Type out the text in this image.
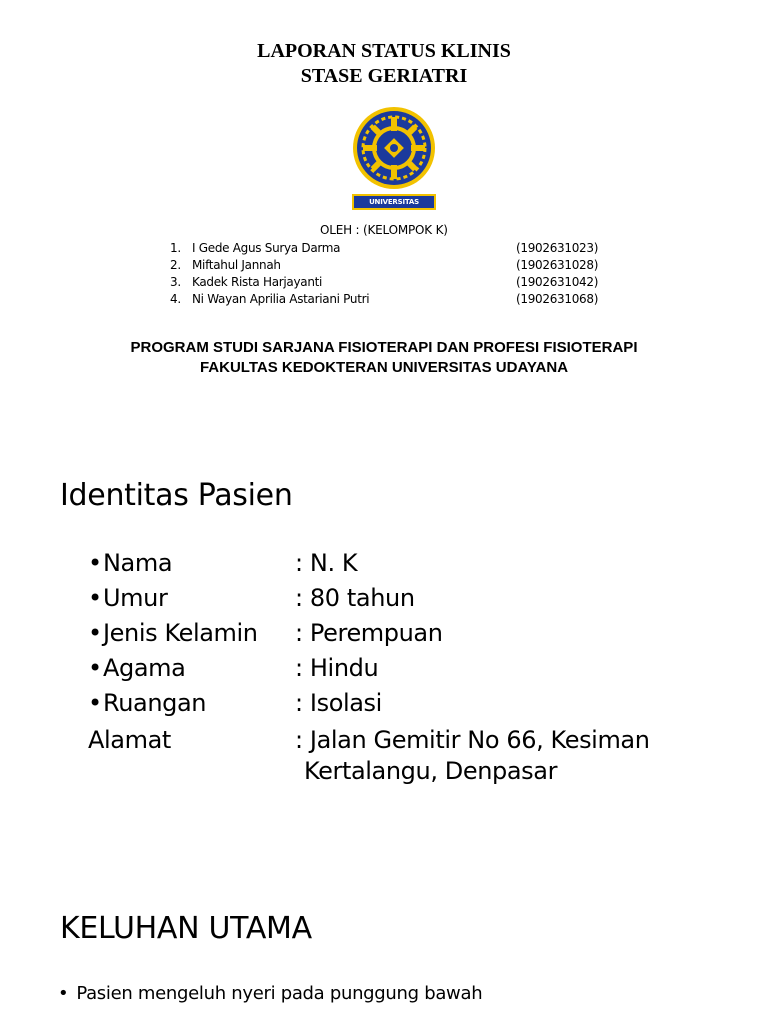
LAPORAN STATUS KLINIS
STASE GERIATRI
UNIVERSITAS UDAYANA
OLEH : (KELOMPOK K)
1. I Gede Agus Surya Darma	(1902631023)
2. Miftahul Jannah	(1902631028)
3. Kadek Rista Harjayanti	(1902631042)
4. Ni Wayan Aprilia Astariani Putri	(1902631068)
PROGRAM STUDI SARJANA FISIOTERAPI DAN PROFESI FISIOTERAPI
FAKULTAS KEDOKTERAN UNIVERSITAS UDAYANA
Identitas Pasien
• Nama	: N. K
• Umur	: 80 tahun
• Jenis Kelamin : Perempuan
• Agama	: Hindu
• Ruangan	: Isolasi
Alamat	: Jalan Gemitir No 66, Kesiman
Kertalangu, Denpasar
KELUHAN UTAMA
• Pasien mengeluh nyeri pada punggung bawah
